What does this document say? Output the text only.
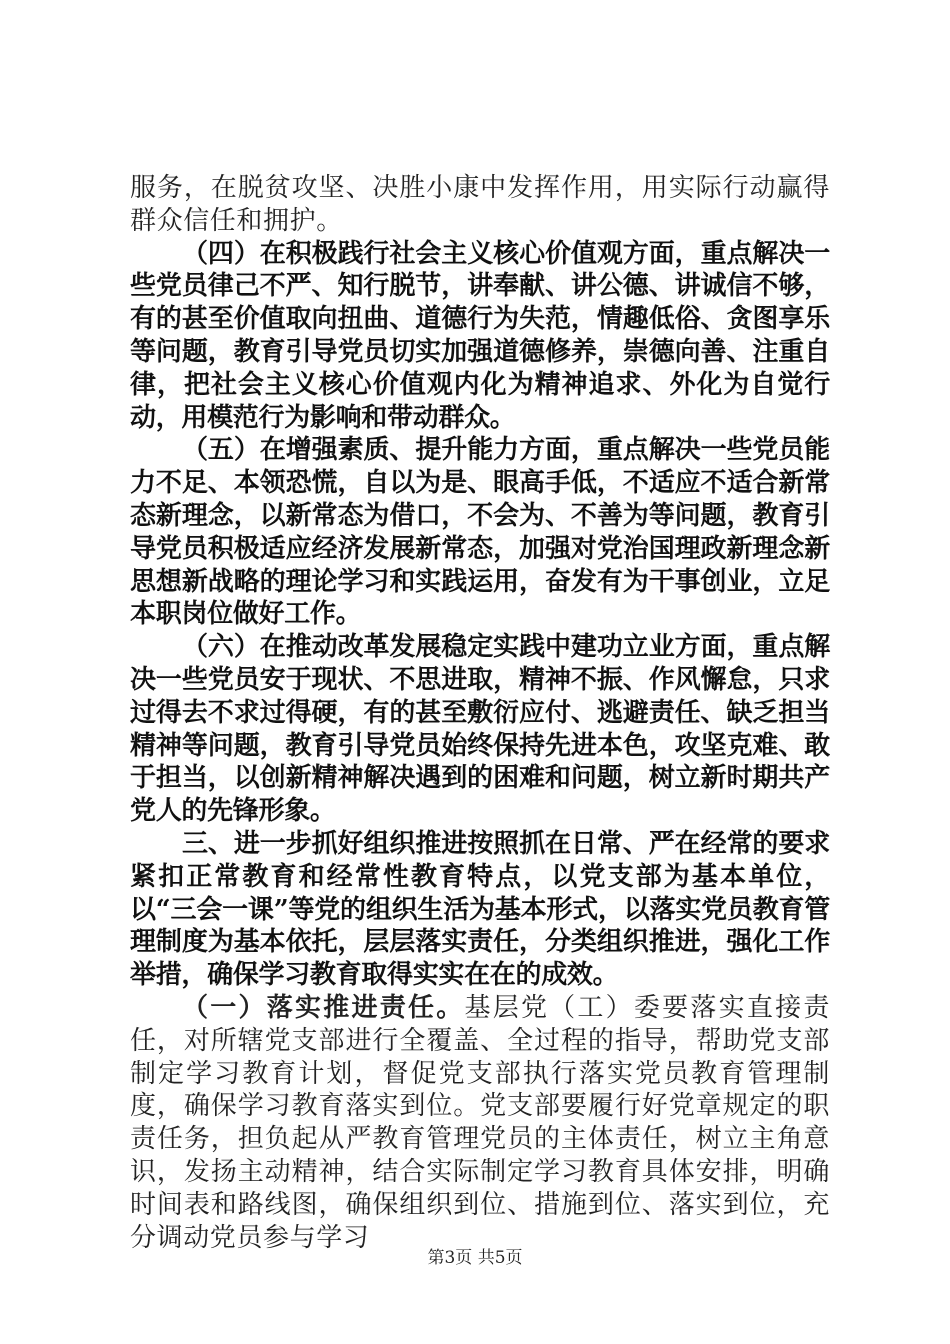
服务，在脱贫攻坚、决胜小康中发挥作用，用实际行动赢得群众信任和拥护。

（四）在积极践行社会主义核心价值观方面，重点解决一些党员律己不严、知行脱节，讲奉献、讲公德、讲诚信不够，有的甚至价值取向扭曲、道德行为失范，情趣低俗、贪图享乐等问题，教育引导党员切实加强道德修养，崇德向善、注重自律，把社会主义核心价值观内化为精神追求、外化为自觉行动，用模范行为影响和带动群众。

（五）在增强素质、提升能力方面，重点解决一些党员能力不足、本领恐慌，自以为是、眼高手低，不适应不适合新常态新理念，以新常态为借口，不会为、不善为等问题，教育引导党员积极适应经济发展新常态，加强对党治国理政新理念新思想新战略的理论学习和实践运用，奋发有为干事创业，立足本职岗位做好工作。

（六）在推动改革发展稳定实践中建功立业方面，重点解决一些党员安于现状、不思进取，精神不振、作风懈怠，只求过得去不求过得硬，有的甚至敷衍应付、逃避责任、缺乏担当精神等问题，教育引导党员始终保持先进本色，攻坚克难、敢于担当，以创新精神解决遇到的困难和问题，树立新时期共产党人的先锋形象。

三、进一步抓好组织推进按照抓在日常、严在经常的要求紧扣正常教育和经常性教育特点，以党支部为基本单位，以“三会一课”等党的组织生活为基本形式，以落实党员教育管理制度为基本依托，层层落实责任，分类组织推进，强化工作举措，确保学习教育取得实实在在的成效。

（一）落实推进责任。基层党（工）委要落实直接责任，对所辖党支部进行全覆盖、全过程的指导，帮助党支部制定学习教育计划，督促党支部执行落实党员教育管理制度，确保学习教育落实到位。党支部要履行好党章规定的职责任务，担负起从严教育管理党员的主体责任，树立主角意识，发扬主动精神，结合实际制定学习教育具体安排，明确时间表和路线图，确保组织到位、措施到位、落实到位，充分调动党员参与学习

第3页 共5页
